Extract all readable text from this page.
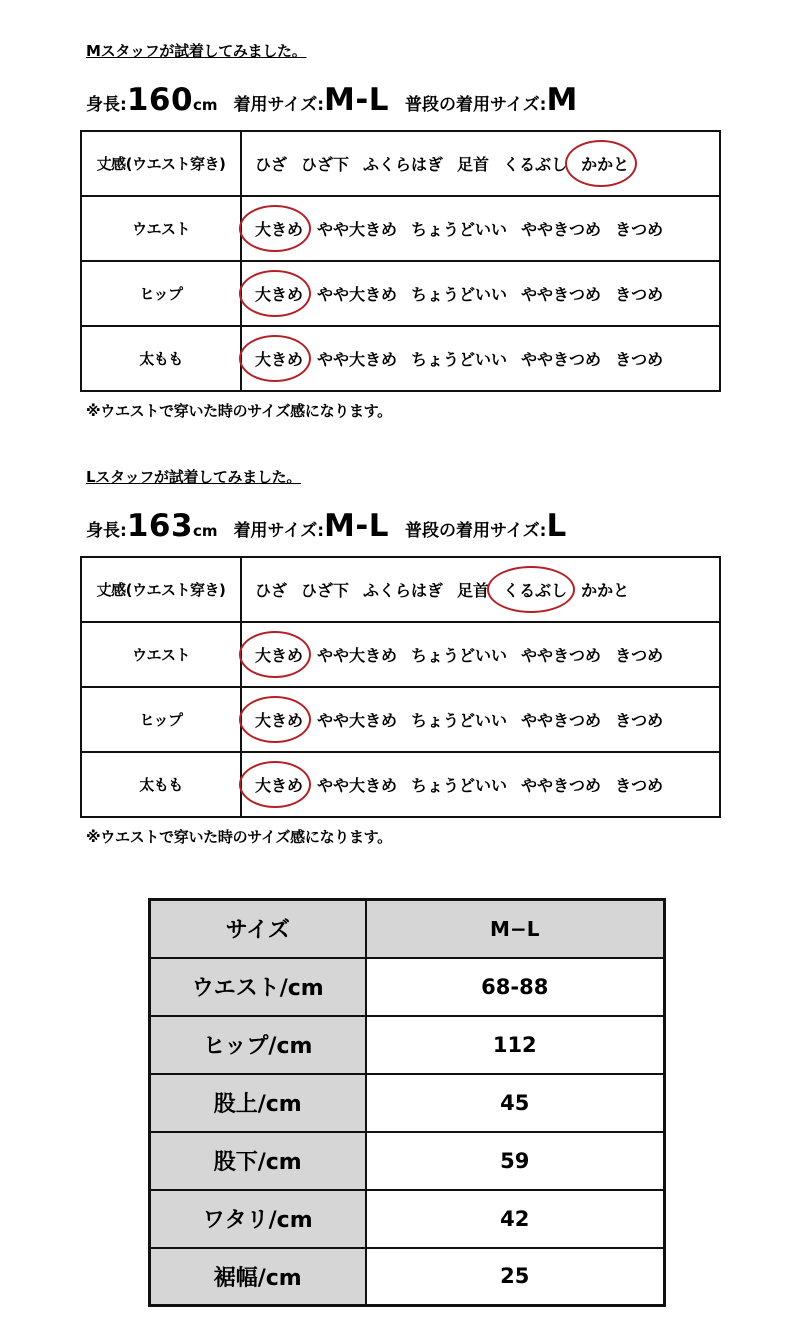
Mスタッフが試着してみました。
身長: 160 cm 着用サイズ: M-L 普段の着用サイズ: M
丈感(ウエスト穿き)	ひざ ひざ下 ふくらはぎ 足首 くるぶし かかと
ウエスト	大きめ やや大きめ ちょうどいい ややきつめ きつめ
ヒップ	大きめ やや大きめ ちょうどいい ややきつめ きつめ
太もも	大きめ やや大きめ ちょうどいい ややきつめ きつめ
※ウエストで穿いた時のサイズ感になります。
Lスタッフが試着してみました。
身長: 163 cm 着用サイズ: M-L 普段の着用サイズ: L
丈感(ウエスト穿き)	ひざ ひざ下 ふくらはぎ 足首 くるぶし かかと
ウエスト	大きめ やや大きめ ちょうどいい ややきつめ きつめ
ヒップ	大きめ やや大きめ ちょうどいい ややきつめ きつめ
太もも	大きめ やや大きめ ちょうどいい ややきつめ きつめ
※ウエストで穿いた時のサイズ感になります。
サイズ	M−L
ウエスト/cm	68-88
ヒップ/cm	112
股上/cm	45
股下/cm	59
ワタリ/cm	42
裾幅/cm	25
